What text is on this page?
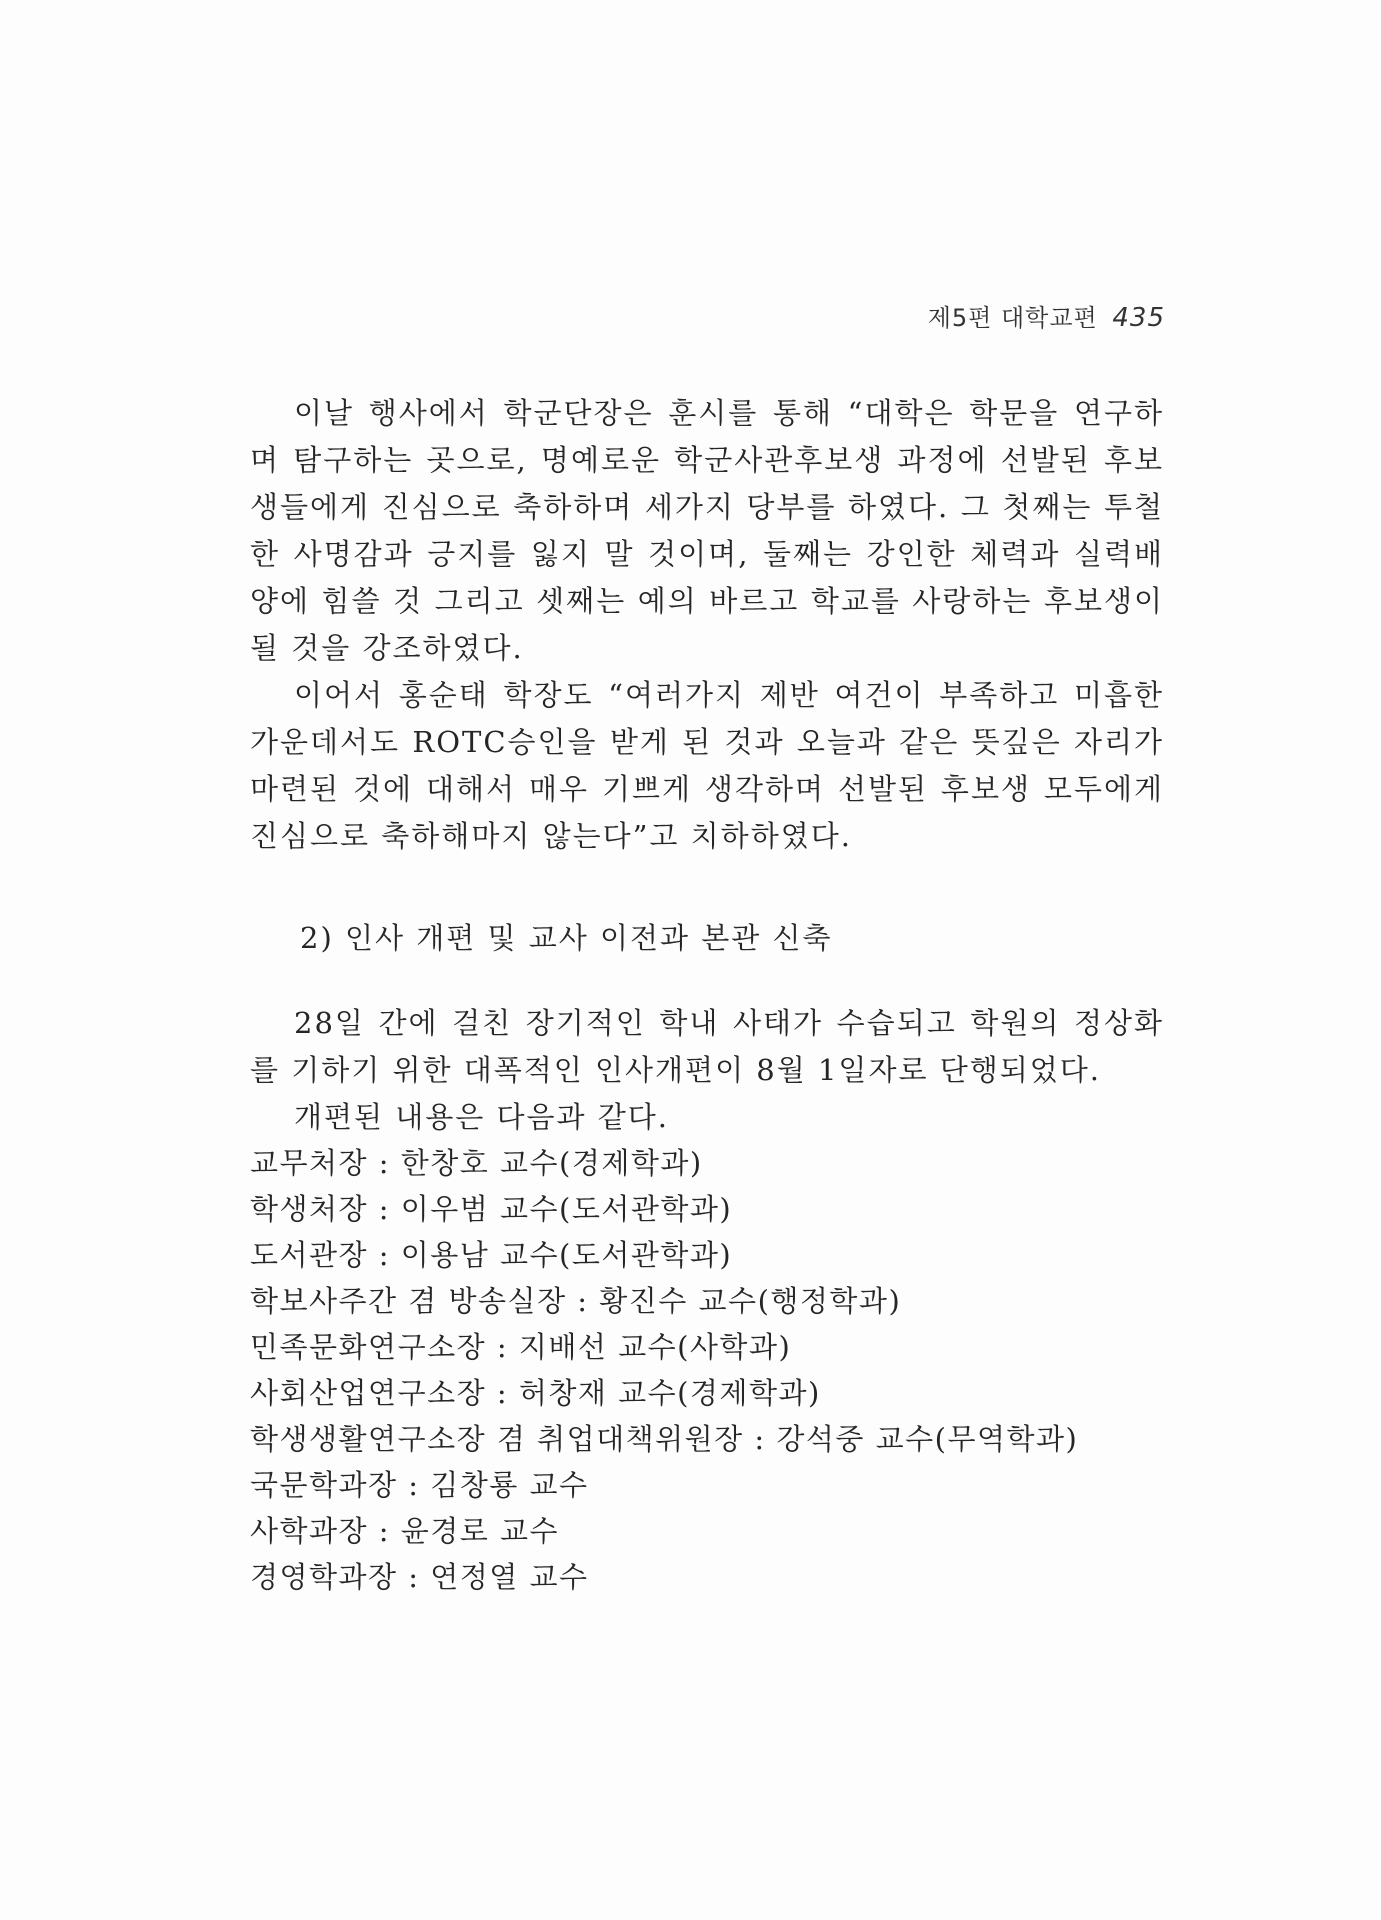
제5편 대학교편 435

이날 행사에서 학군단장은 훈시를 통해 “대학은 학문을 연구하며 탐구하는 곳으로, 명예로운 학군사관후보생 과정에 선발된 후보생들에게 진심으로 축하하며 세가지 당부를 하였다. 그 첫째는 투철한 사명감과 긍지를 잃지 말 것이며, 둘째는 강인한 체력과 실력배양에 힘쓸 것 그리고 셋째는 예의 바르고 학교를 사랑하는 후보생이 될 것을 강조하였다.

이어서 홍순태 학장도 “여러가지 제반 여건이 부족하고 미흡한 가운데서도 ROTC승인을 받게 된 것과 오늘과 같은 뜻깊은 자리가 마련된 것에 대해서 매우 기쁘게 생각하며 선발된 후보생 모두에게 진심으로 축하해마지 않는다”고 치하하였다.

2) 인사 개편 및 교사 이전과 본관 신축

28일 간에 걸친 장기적인 학내 사태가 수습되고 학원의 정상화를 기하기 위한 대폭적인 인사개편이 8월 1일자로 단행되었다.

개편된 내용은 다음과 같다.

교무처장 : 한창호 교수(경제학과)
학생처장 : 이우범 교수(도서관학과)
도서관장 : 이용남 교수(도서관학과)
학보사주간 겸 방송실장 : 황진수 교수(행정학과)
민족문화연구소장 : 지배선 교수(사학과)
사회산업연구소장 : 허창재 교수(경제학과)
학생생활연구소장 겸 취업대책위원장 : 강석중 교수(무역학과)
국문학과장 : 김창룡 교수
사학과장 : 윤경로 교수
경영학과장 : 연정열 교수
